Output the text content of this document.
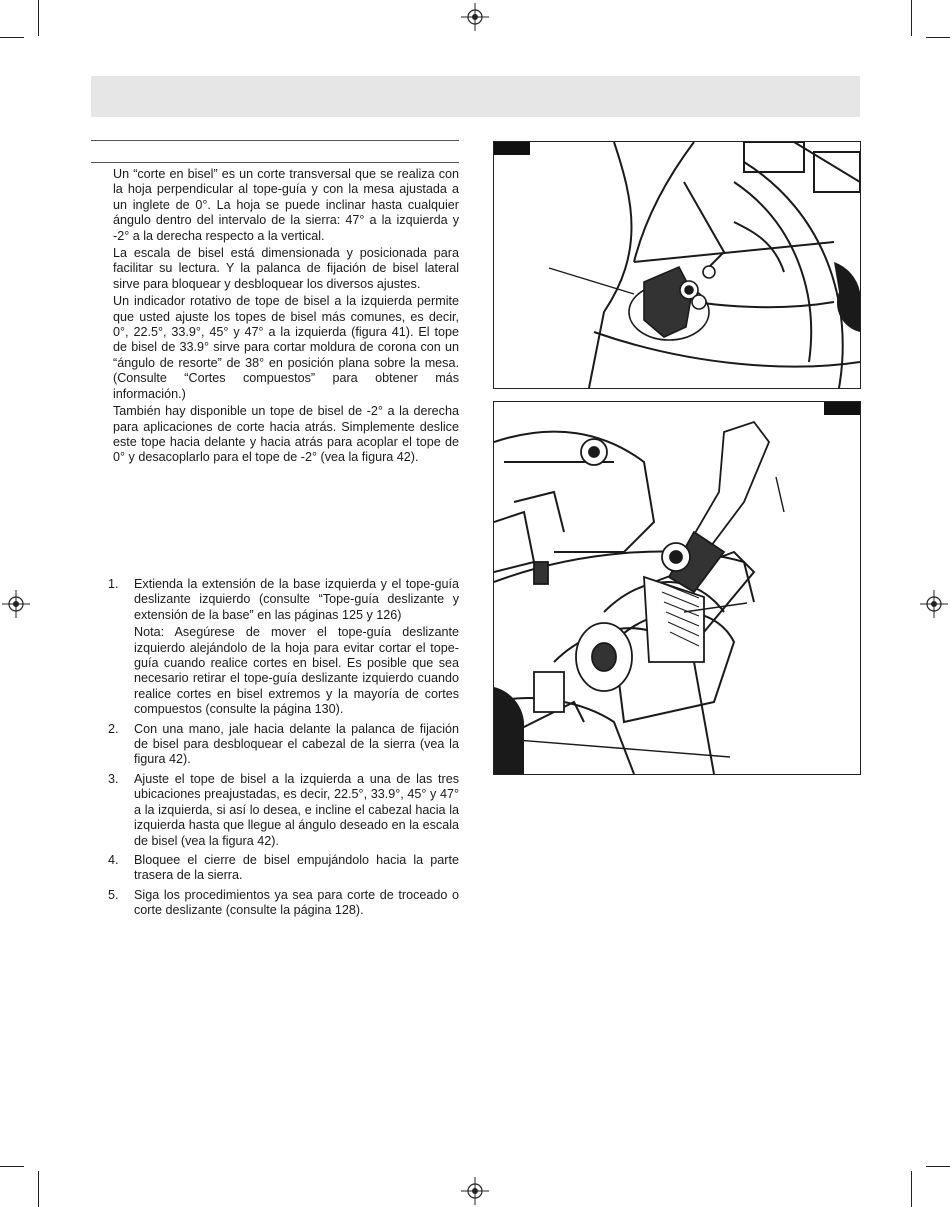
Un “corte en bisel” es un corte transversal que se realiza con la hoja perpendicular al tope-guía y con la mesa ajustada a un inglete de 0°. La hoja se puede inclinar hasta cualquier ángulo dentro del intervalo de la sierra: 47° a la izquierda y -2° a la derecha respecto a la vertical.

La escala de bisel está dimensionada y posicionada para facilitar su lectura. Y la palanca de fijación de bisel lateral sirve para bloquear y desbloquear los diversos ajustes.

Un indicador rotativo de tope de bisel a la izquierda permite que usted ajuste los topes de bisel más comunes, es decir, 0°, 22.5°, 33.9°, 45° y 47° a la izquierda (figura 41). El tope de bisel de 33.9° sirve para cortar moldura de corona con un “ángulo de resorte” de 38° en posición plana sobre la mesa. (Consulte “Cortes compuestos” para obtener más información.)

También hay disponible un tope de bisel de -2° a la derecha para aplicaciones de corte hacia atrás. Simplemente deslice este tope hacia delante y hacia atrás para acoplar el tope de 0° y desacoplarlo para el tope de -2° (vea la figura 42).

1. Extienda la extensión de la base izquierda y el tope-guía deslizante izquierdo (consulte “Tope-guía deslizante y extensión de la base” en las páginas 125 y 126)
Nota: Asegúrese de mover el tope-guía deslizante izquierdo alejándolo de la hoja para evitar cortar el tope-guía cuando realice cortes en bisel. Es posible que sea necesario retirar el tope-guía deslizante izquierdo cuando realice cortes en bisel extremos y la mayoría de cortes compuestos (consulte la página 130).
2. Con una mano, jale hacia delante la palanca de fijación de bisel para desbloquear el cabezal de la sierra (vea la figura 42).
3. Ajuste el tope de bisel a la izquierda a una de las tres ubicaciones preajustadas, es decir, 22.5°, 33.9°, 45° y 47° a la izquierda, si así lo desea, e incline el cabezal hacia la izquierda hasta que llegue al ángulo deseado en la escala de bisel (vea la figura 42).
4. Bloquee el cierre de bisel empujándolo hacia la parte trasera de la sierra.
5. Siga los procedimientos ya sea para corte de troceado o corte deslizante (consulte la página 128).
